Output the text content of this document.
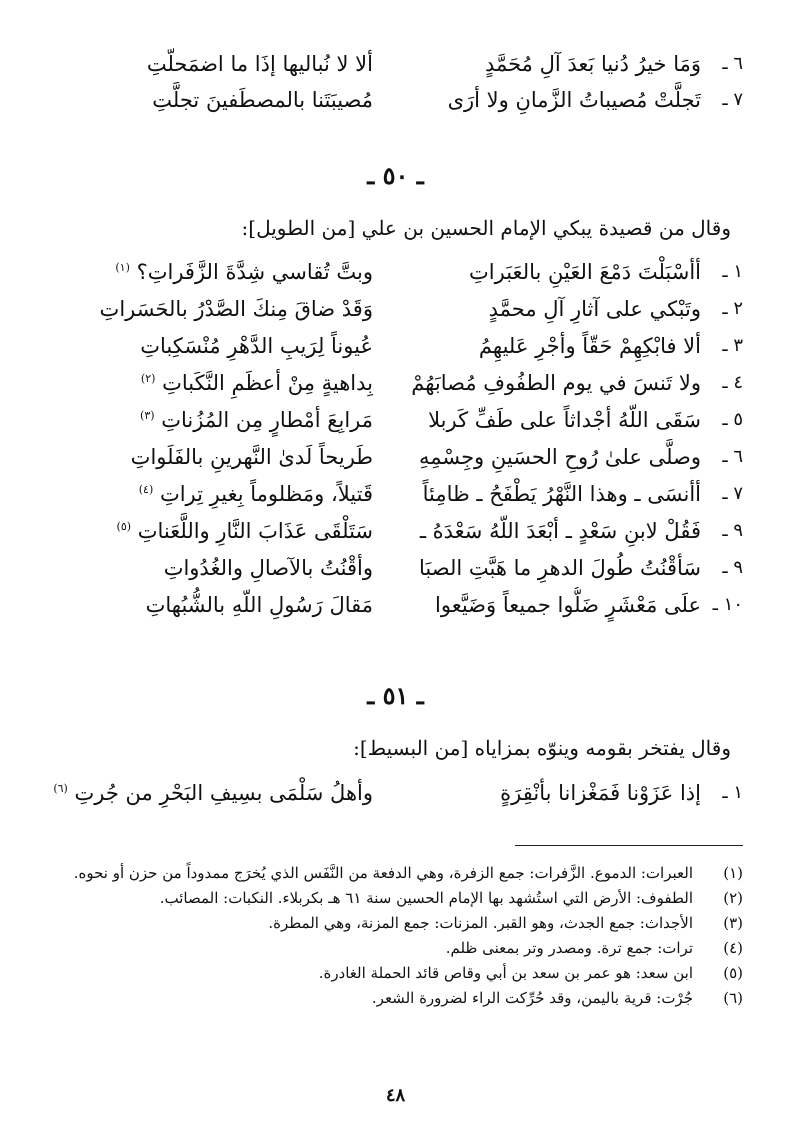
٦ ـ
وَمَا خيرُ دُنيا بَعدَ آلِ مُحَمَّدٍ
ألا لا نُباليها إذَا ما اضمَحلّتِ
٧ ـ
تَجلَّتْ مُصيباتُ الزَّمانِ ولا أرَى
مُصيبَتَنا بالمصطَفينَ تجلَّتِ
ـ ٥٠ ـ
وقال من قصيدة يبكي الإمام الحسين بن علي [من الطويل]:
١ ـ
أأسْبَلْتَ دَمْعَ العَيْنِ بالعَبَراتِ
وبتَّ تُقاسي شِدَّةَ الزَّفَراتِ؟ $^{(١)}$
٢ ـ
وتَبْكي على آثارِ آلِ محمَّدٍ
وَقَدْ ضاقَ مِنكَ الصَّدْرُ بالحَسَراتِ
٣ ـ
ألا فابْكِهِمْ حَقّاً وأجْرِ عَليهِمُ
عُيوناً لِرَيبِ الدَّهْرِ مُنْسَكِباتِ
٤ ـ
ولا تَنسَ في يوم الطفُوفِ مُصابَهُمْ
بِداهيةٍ مِنْ أعظَمِ النَّكَباتِ $^{(٢)}$
٥ ـ
سَقَى اللّهُ أجْداثاً على طَفِّ كَربلا
مَرابِعَ أمْطارٍ مِن المُزُناتِ $^{(٣)}$
٦ ـ
وصلَّى علىٰ رُوحِ الحسَينِ وجِسْمِهِ
طَريحاً لَدىٰ النَّهرينِ بالفَلَواتِ
٧ ـ
أأنسَى ـ وهذا النَّهْرُ يَطْفَحُ ـ ظامِئاً
قَتيلاً، ومَظلوماً بِغيرِ تِراتِ $^{(٤)}$
٩ ـ
فَقُلْ لابنِ سَعْدٍ ـ أبْعَدَ اللّهُ سَعْدَهُ ـ
سَتَلْقَى عَذَابَ النَّارِ واللَّعَناتِ $^{(٥)}$
٩ ـ
سَأقْنُتُ طُولَ الدهرِ ما هَبَّتِ الصبَا
وأقْنُتُ بالآصالِ والغُدُواتِ
١٠ ـ
علَى مَعْشَرٍ ضَلُّوا جميعاً وَضَيَّعوا
مَقالَ رَسُولِ اللّهِ بالشُّبُهاتِ
ـ ٥١ ـ
وقال يفتخر بقومه وينوّه بمزاياه [من البسيط]:
١ ـ
إذا عَزَوْنا فَمَغْزانا بأنْقِرَةٍ
وأهلُ سَلْمَى بسِيفِ البَحْرِ من جُرتِ $^{(٦)}$
(١)
العبرات: الدموع. الزَّفرات: جمع الزفرة، وهي الدفعة من النَّفَس الذي يُخرَج ممدوداً من حزن أو نحوه.
(٢)
الطفوف: الأرض التي استُشهد بها الإمام الحسين سنة ٦١ هـ بكربلاء. النكبات: المصائب.
(٣)
الأجداث: جمع الجدث، وهو القبر. المزنات: جمع المزنة، وهي المطرة.
(٤)
ترات: جمع ترة. ومصدر وتر بمعنى ظلم.
(٥)
ابن سعد: هو عمر بن سعد بن أبي وقاص قائد الحملة الغادرة.
(٦)
جُرْت: قرية باليمن، وقد حُرِّكت الراء لضرورة الشعر.
٤٨
